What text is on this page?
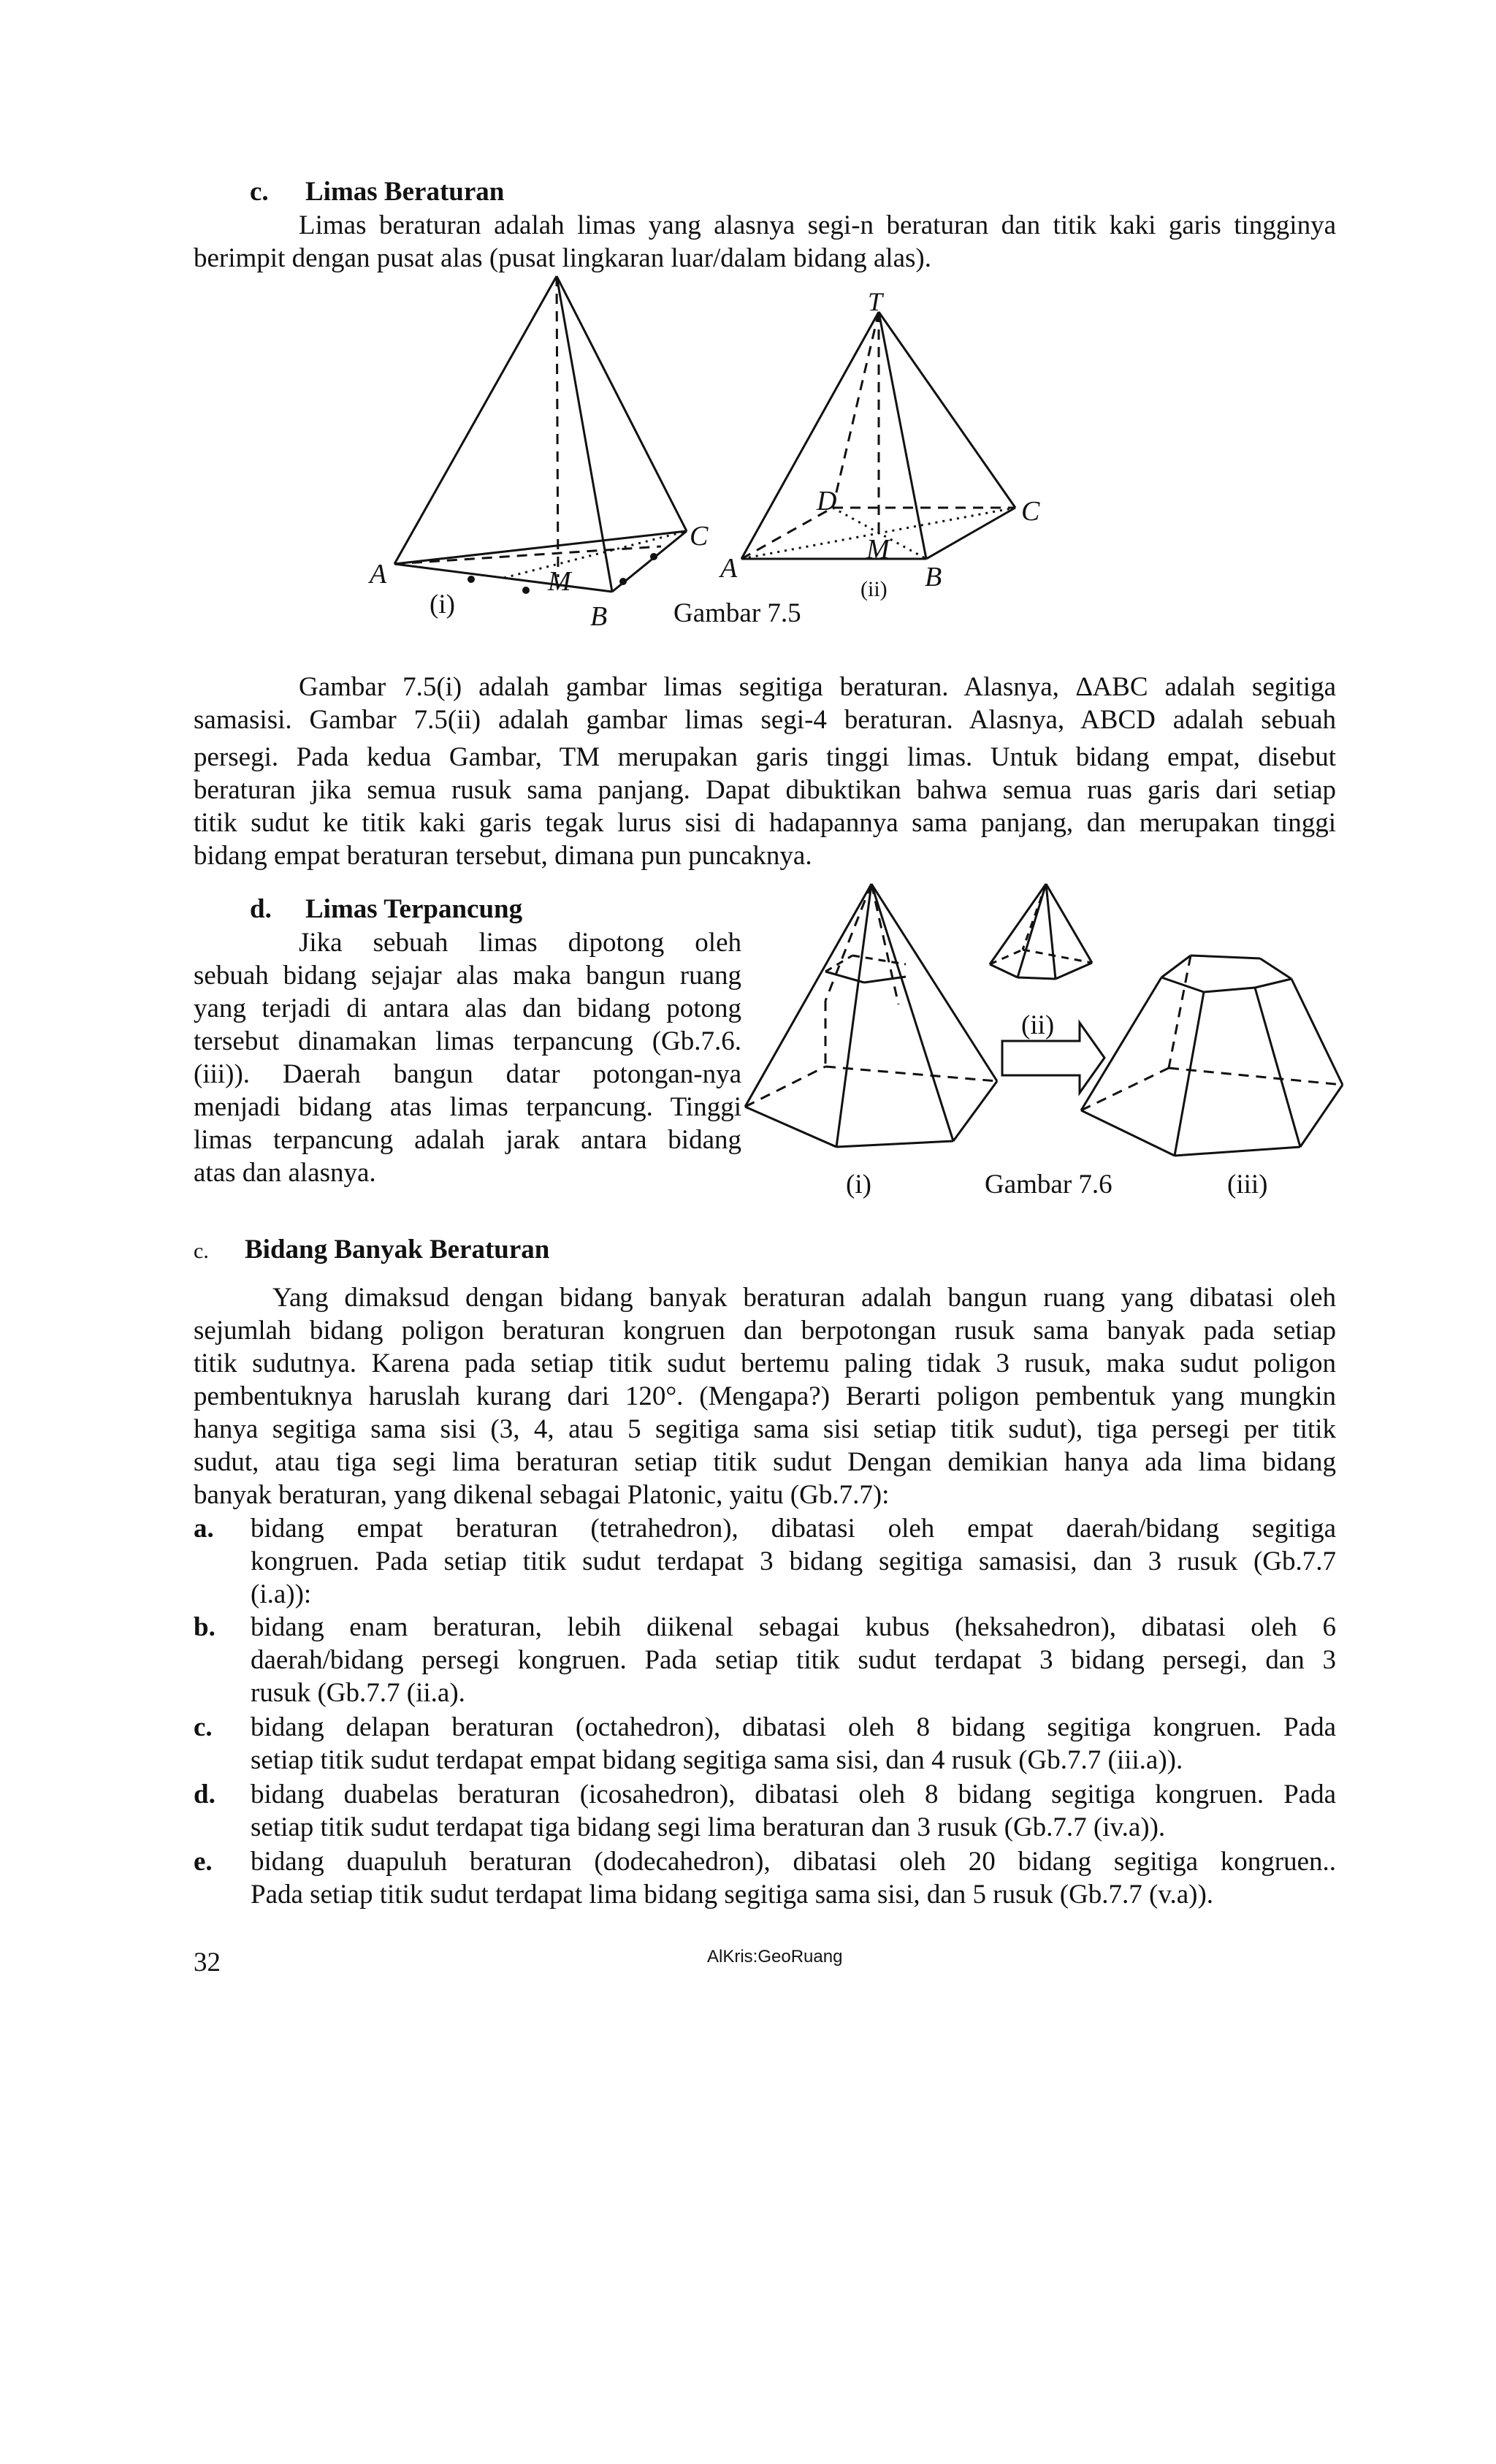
c. Limas Beraturan
Limas beraturan adalah limas yang alasnya segi-n beraturan dan titik kaki garis tingginya berimpit dengan pusat alas (pusat lingkaran luar/dalam bidang alas).
A
B
C
M
(i)
T
D	C
A	B
M
(ii)
Gambar 7.5
Gambar 7.5(i) adalah gambar limas segitiga beraturan. Alasnya, ∆ABC adalah segitiga
samasisi. Gambar 7.5(ii) adalah gambar limas segi-4 beraturan. Alasnya, ABCD adalah sebuah
persegi. Pada kedua Gambar, TM merupakan garis tinggi limas. Untuk bidang empat, disebut
beraturan jika semua rusuk sama panjang. Dapat dibuktikan bahwa semua ruas garis dari setiap
titik sudut ke titik kaki garis tegak lurus sisi di hadapannya sama panjang, dan merupakan tinggi
bidang empat beraturan tersebut, dimana pun puncaknya.
d. Limas Terpancung
Jika sebuah limas dipotong oleh
sebuah bidang sejajar alas maka bangun ruang
yang terjadi di antara alas dan bidang potong
tersebut dinamakan limas terpancung (Gb.7.6.
(iii)). Daerah bangun datar potongan-nya
menjadi bidang atas limas terpancung. Tinggi
limas terpancung adalah jarak antara bidang
atas dan alasnya.
(ii)
(i)	Gambar 7.6	(iii)
c. Bidang Banyak Beraturan
Yang dimaksud dengan bidang banyak beraturan adalah bangun ruang yang dibatasi oleh
sejumlah bidang poligon beraturan kongruen dan berpotongan rusuk sama banyak pada setiap
titik sudutnya. Karena pada setiap titik sudut bertemu paling tidak 3 rusuk, maka sudut poligon
pembentuknya haruslah kurang dari 120°. (Mengapa?) Berarti poligon pembentuk yang mungkin
hanya segitiga sama sisi (3, 4, atau 5 segitiga sama sisi setiap titik sudut), tiga persegi per titik
sudut, atau tiga segi lima beraturan setiap titik sudut Dengan demikian hanya ada lima bidang
banyak beraturan, yang dikenal sebagai Platonic, yaitu (Gb.7.7):
a. bidang empat beraturan (tetrahedron), dibatasi oleh empat daerah/bidang segitiga
kongruen. Pada setiap titik sudut terdapat 3 bidang segitiga samasisi, dan 3 rusuk (Gb.7.7
(i.a)):
b. bidang enam beraturan, lebih diikenal sebagai kubus (heksahedron), dibatasi oleh 6
daerah/bidang persegi kongruen. Pada setiap titik sudut terdapat 3 bidang persegi, dan 3
rusuk (Gb.7.7 (ii.a).
c. bidang delapan beraturan (octahedron), dibatasi oleh 8 bidang segitiga kongruen. Pada
setiap titik sudut terdapat empat bidang segitiga sama sisi, dan 4 rusuk (Gb.7.7 (iii.a)).
d. bidang duabelas beraturan (icosahedron), dibatasi oleh 8 bidang segitiga kongruen. Pada
setiap titik sudut terdapat tiga bidang segi lima beraturan dan 3 rusuk (Gb.7.7 (iv.a)).
e. bidang duapuluh beraturan (dodecahedron), dibatasi oleh 20 bidang segitiga kongruen..
Pada setiap titik sudut terdapat lima bidang segitiga sama sisi, dan 5 rusuk (Gb.7.7 (v.a)).
32	AlKris:GeoRuang
